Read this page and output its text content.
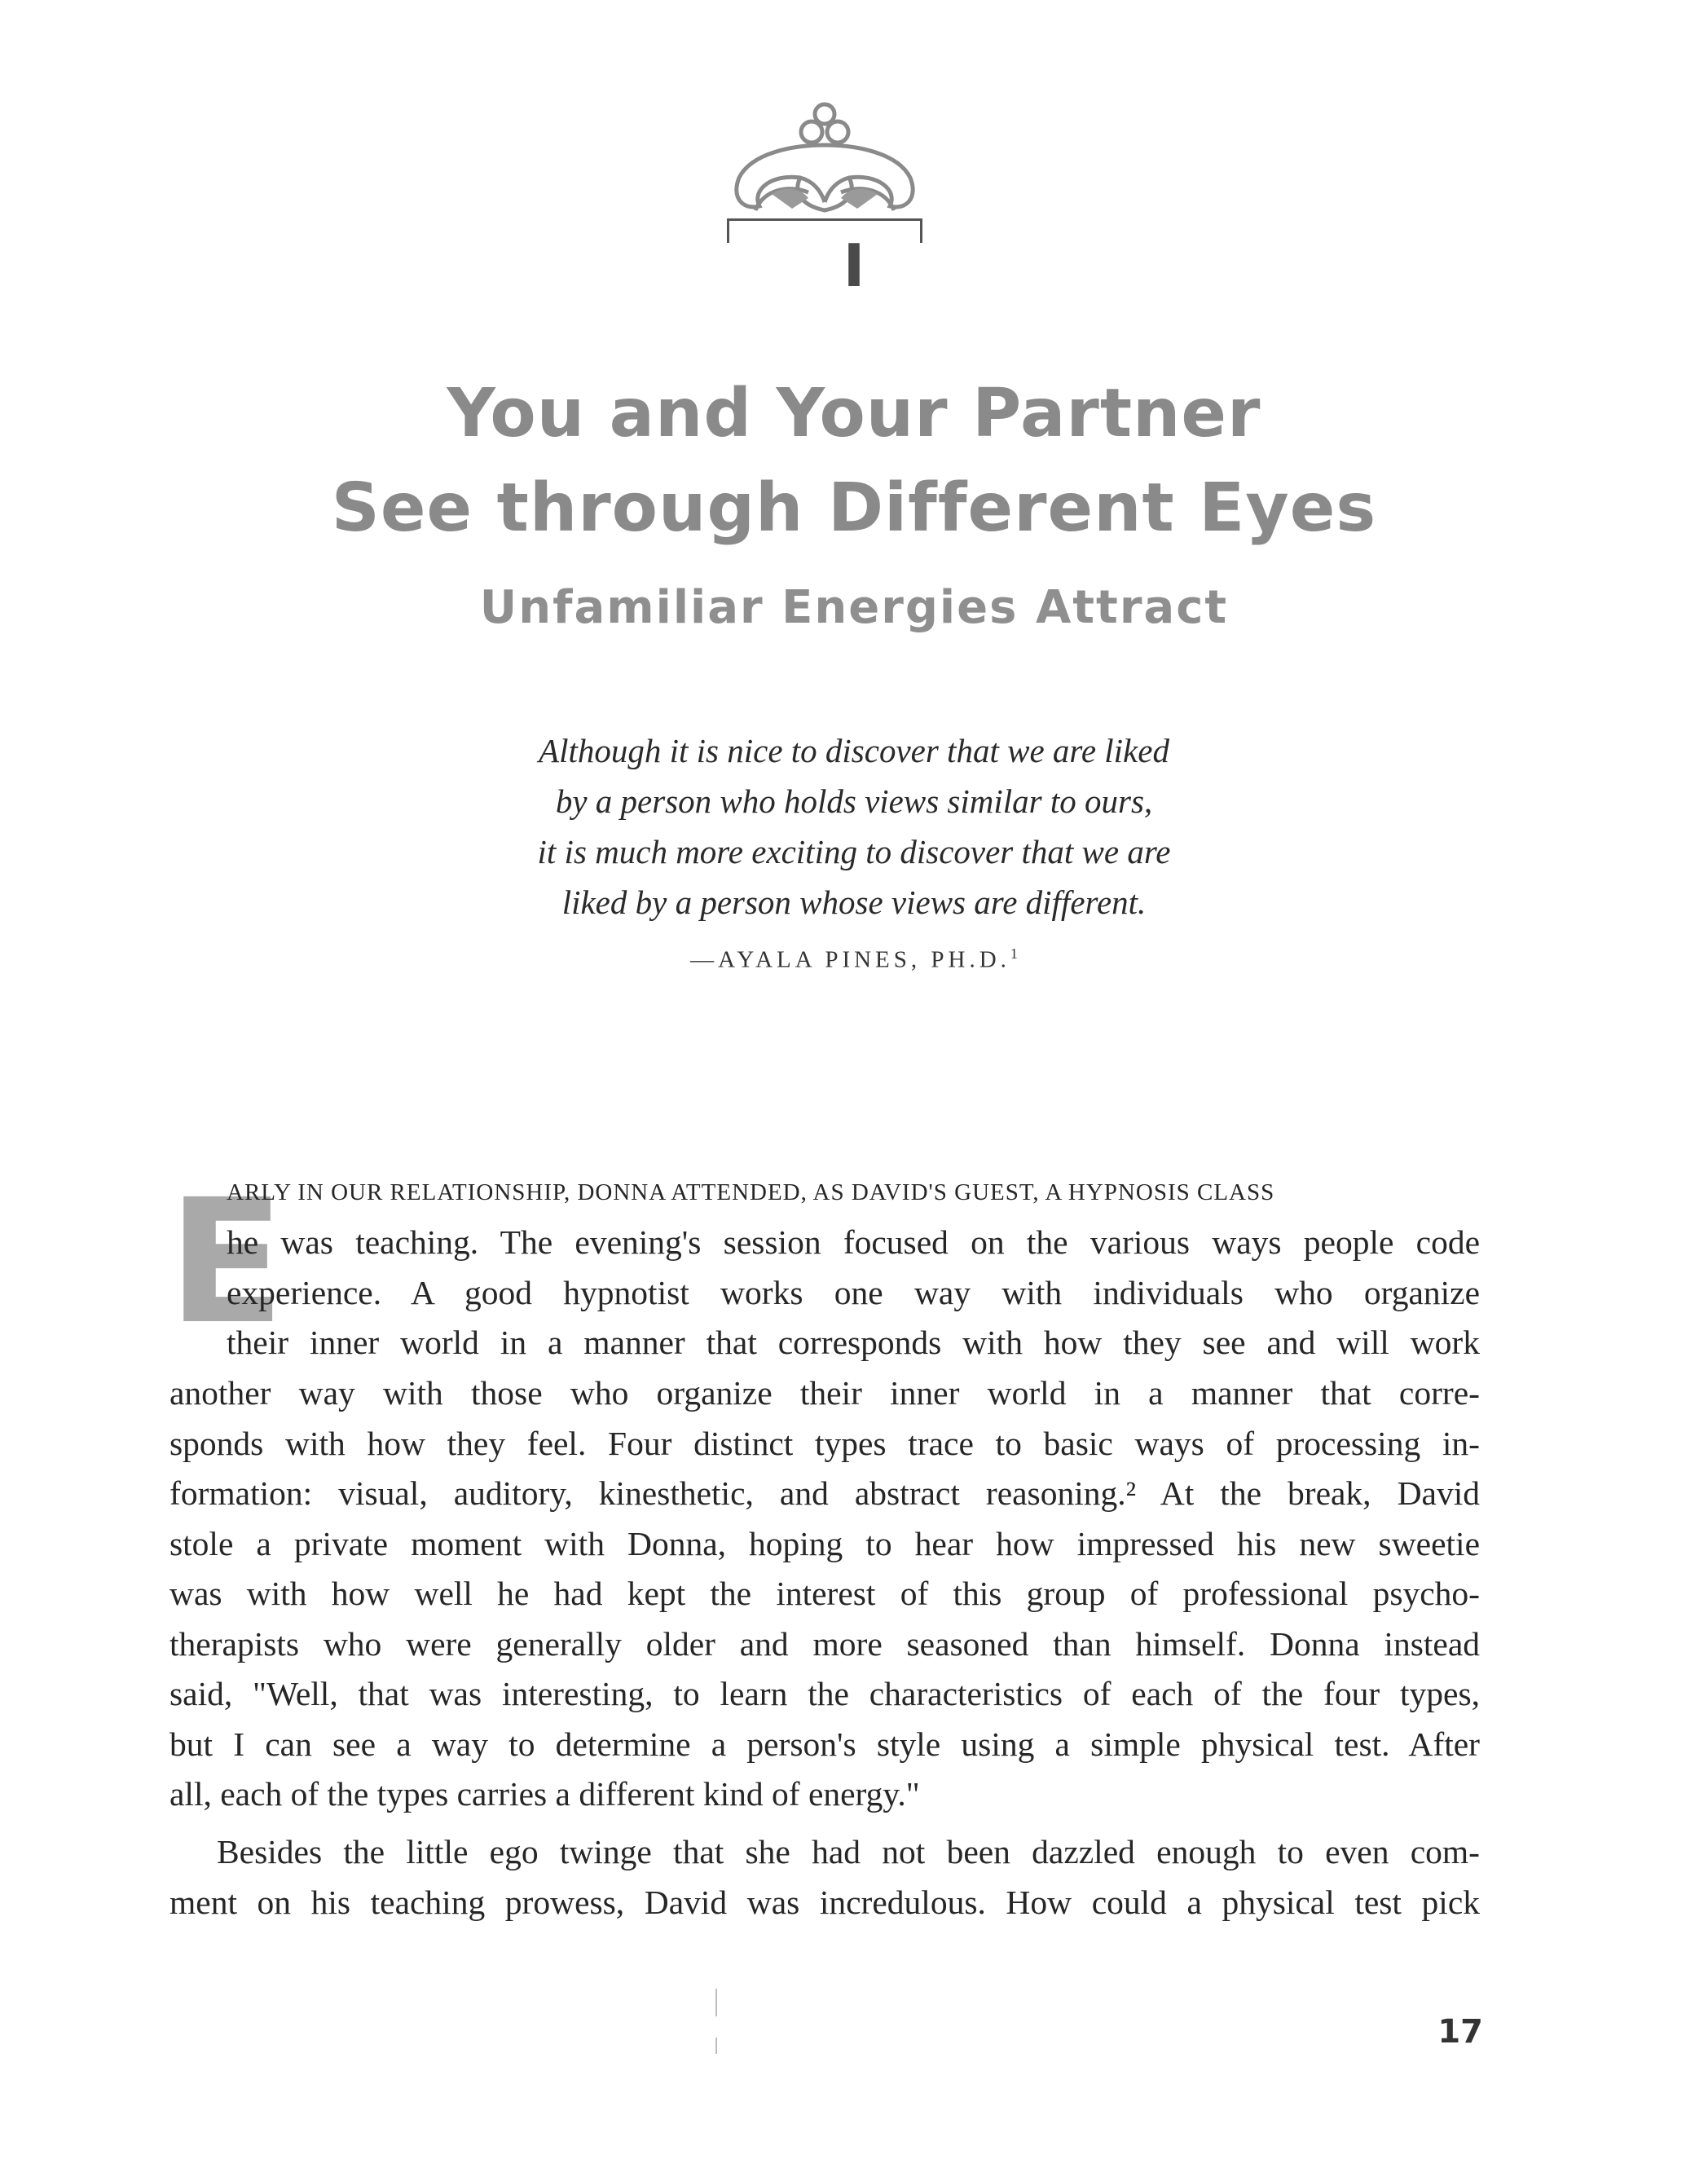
I
You and Your Partner
See through Different Eyes
Unfamiliar Energies Attract
Although it is nice to discover that we are liked
by a person who holds views similar to ours,
it is much more exciting to discover that we are
liked by a person whose views are different.
—AYALA PINES, PH.D.$^1$
E
ARLY IN OUR RELATIONSHIP, DONNA ATTENDED, AS DAVID'S GUEST, A HYPNOSIS CLASS
he was teaching. The evening's session focused on the various ways people code
experience. A good hypnotist works one way with individuals who organize
their inner world in a manner that corresponds with how they see and will work
another way with those who organize their inner world in a manner that corre-
sponds with how they feel. Four distinct types trace to basic ways of processing in-
formation: visual, auditory, kinesthetic, and abstract reasoning.² At the break, David
stole a private moment with Donna, hoping to hear how impressed his new sweetie
was with how well he had kept the interest of this group of professional psycho-
therapists who were generally older and more seasoned than himself. Donna instead
said, "Well, that was interesting, to learn the characteristics of each of the four types,
but I can see a way to determine a person's style using a simple physical test. After
all, each of the types carries a different kind of energy."
Besides the little ego twinge that she had not been dazzled enough to even com-
ment on his teaching prowess, David was incredulous. How could a physical test pick
17
